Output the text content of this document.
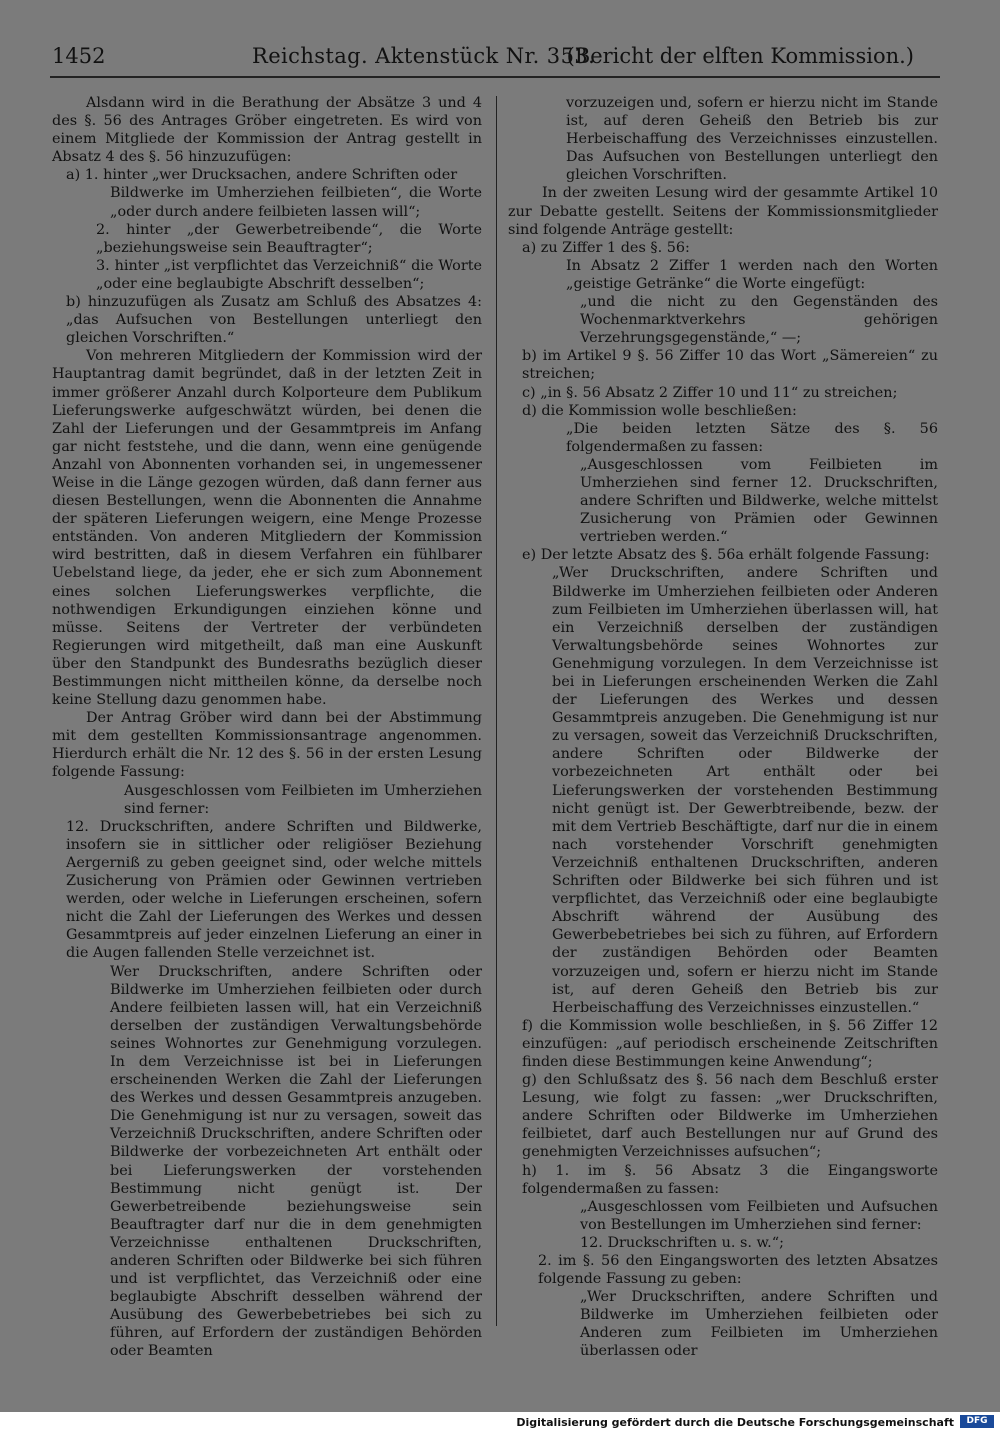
1452	Reichstag. Aktenstück Nr. 353.
(Bericht der elften Kommission.)

Alsdann wird in die Berathung der Absätze 3 und 4 des §. 56 des Antrages Gröber eingetreten. Es wird von einem Mitgliede der Kommission der Antrag gestellt in Absatz 4 des §. 56 hinzuzufügen:

a) 1. hinter „wer Drucksachen, andere Schriften oder

Bildwerke im Umherziehen feilbieten“, die Worte „oder durch andere feilbieten lassen will“;

2. hinter „der Gewerbetreibende“, die Worte „beziehungsweise sein Beauftragter“;

3. hinter „ist verpflichtet das Verzeichniß“ die Worte „oder eine beglaubigte Abschrift desselben“;

b) hinzuzufügen als Zusatz am Schluß des Absatzes 4: „das Aufsuchen von Bestellungen unterliegt den gleichen Vorschriften.“

Von mehreren Mitgliedern der Kommission wird der Hauptantrag damit begründet, daß in der letzten Zeit in immer größerer Anzahl durch Kolporteure dem Publikum Lieferungswerke aufgeschwätzt würden, bei denen die Zahl der Lieferungen und der Gesammtpreis im Anfang gar nicht feststehe, und die dann, wenn eine genügende Anzahl von Abonnenten vorhanden sei, in ungemessener Weise in die Länge gezogen würden, daß dann ferner aus diesen Bestellungen, wenn die Abonnenten die Annahme der späteren Lieferungen weigern, eine Menge Prozesse entständen. Von anderen Mitgliedern der Kommission wird bestritten, daß in diesem Verfahren ein fühlbarer Uebelstand liege, da jeder, ehe er sich zum Abonnement eines solchen Lieferungswerkes verpflichte, die nothwendigen Erkundigungen einziehen könne und müsse. Seitens der Vertreter der verbündeten Regierungen wird mitgetheilt, daß man eine Auskunft über den Standpunkt des Bundesraths bezüglich dieser Bestimmungen nicht mittheilen könne, da derselbe noch keine Stellung dazu genommen habe.

Der Antrag Gröber wird dann bei der Abstimmung mit dem gestellten Kommissionsantrage angenommen. Hierdurch erhält die Nr. 12 des §. 56 in der ersten Lesung folgende Fassung:

Ausgeschlossen vom Feilbieten im Umherziehen sind ferner:

12. Druckschriften, andere Schriften und Bildwerke, insofern sie in sittlicher oder religiöser Beziehung Aergerniß zu geben geeignet sind, oder welche mittels Zusicherung von Prämien oder Gewinnen vertrieben werden, oder welche in Lieferungen erscheinen, sofern nicht die Zahl der Lieferungen des Werkes und dessen Gesammtpreis auf jeder einzelnen Lieferung an einer in die Augen fallenden Stelle verzeichnet ist.

Wer Druckschriften, andere Schriften oder Bildwerke im Umherziehen feilbieten oder durch Andere feilbieten lassen will, hat ein Verzeichniß derselben der zuständigen Verwaltungsbehörde seines Wohnortes zur Genehmigung vorzulegen. In dem Verzeichnisse ist bei in Lieferungen erscheinenden Werken die Zahl der Lieferungen des Werkes und dessen Gesammtpreis anzugeben. Die Genehmigung ist nur zu versagen, soweit das Verzeichniß Druckschriften, andere Schriften oder Bildwerke der vorbezeichneten Art enthält oder bei Lieferungswerken der vorstehenden Bestimmung nicht genügt ist. Der Gewerbetreibende beziehungsweise sein Beauftragter darf nur die in dem genehmigten Verzeichnisse enthaltenen Druckschriften, anderen Schriften oder Bildwerke bei sich führen und ist verpflichtet, das Verzeichniß oder eine beglaubigte Abschrift desselben während der Ausübung des Gewerbebetriebes bei sich zu führen, auf Erfordern der zuständigen Behörden oder Beamten

vorzuzeigen und, sofern er hierzu nicht im Stande ist, auf deren Geheiß den Betrieb bis zur Herbeischaffung des Verzeichnisses einzustellen. Das Aufsuchen von Bestellungen unterliegt den gleichen Vorschriften.

In der zweiten Lesung wird der gesammte Artikel 10 zur Debatte gestellt. Seitens der Kommissionsmitglieder sind folgende Anträge gestellt:

a) zu Ziffer 1 des §. 56:

In Absatz 2 Ziffer 1 werden nach den Worten „geistige Getränke“ die Worte eingefügt:

„und die nicht zu den Gegenständen des Wochenmarktverkehrs gehörigen Verzehrungsgegenstände,“ —;

b) im Artikel 9 §. 56 Ziffer 10 das Wort „Sämereien“ zu streichen;

c) „in §. 56 Absatz 2 Ziffer 10 und 11“ zu streichen;

d) die Kommission wolle beschließen:

„Die beiden letzten Sätze des §. 56 folgendermaßen zu fassen:

„Ausgeschlossen vom Feilbieten im Umherziehen sind ferner 12. Druckschriften, andere Schriften und Bildwerke, welche mittelst Zusicherung von Prämien oder Gewinnen vertrieben werden.“

e) Der letzte Absatz des §. 56a erhält folgende Fassung:

„Wer Druckschriften, andere Schriften und Bildwerke im Umherziehen feilbieten oder Anderen zum Feilbieten im Umherziehen überlassen will, hat ein Verzeichniß derselben der zuständigen Verwaltungsbehörde seines Wohnortes zur Genehmigung vorzulegen. In dem Verzeichnisse ist bei in Lieferungen erscheinenden Werken die Zahl der Lieferungen des Werkes und dessen Gesammtpreis anzugeben. Die Genehmigung ist nur zu versagen, soweit das Verzeichniß Druckschriften, andere Schriften oder Bildwerke der vorbezeichneten Art enthält oder bei Lieferungswerken der vorstehenden Bestimmung nicht genügt ist. Der Gewerbtreibende, bezw. der mit dem Vertrieb Beschäftigte, darf nur die in einem nach vorstehender Vorschrift genehmigten Verzeichniß enthaltenen Druckschriften, anderen Schriften oder Bildwerke bei sich führen und ist verpflichtet, das Verzeichniß oder eine beglaubigte Abschrift während der Ausübung des Gewerbebetriebes bei sich zu führen, auf Erfordern der zuständigen Behörden oder Beamten vorzuzeigen und, sofern er hierzu nicht im Stande ist, auf deren Geheiß den Betrieb bis zur Herbeischaffung des Verzeichnisses einzustellen.“

f) die Kommission wolle beschließen, in §. 56 Ziffer 12 einzufügen: „auf periodisch erscheinende Zeitschriften finden diese Bestimmungen keine Anwendung“;

g) den Schlußsatz des §. 56 nach dem Beschluß erster Lesung, wie folgt zu fassen: „wer Druckschriften, andere Schriften oder Bildwerke im Umherziehen feilbietet, darf auch Bestellungen nur auf Grund des genehmigten Verzeichnisses aufsuchen“;

h) 1. im §. 56 Absatz 3 die Eingangsworte folgendermaßen zu fassen:

„Ausgeschlossen vom Feilbieten und Aufsuchen von Bestellungen im Umherziehen sind ferner:

12. Druckschriften u. s. w.“;

2. im §. 56 den Eingangsworten des letzten Absatzes folgende Fassung zu geben:

„Wer Druckschriften, andere Schriften und Bildwerke im Umherziehen feilbieten oder Anderen zum Feilbieten im Umherziehen überlassen oder

Digitalisierung gefördert durch die Deutsche Forschungsgemeinschaft	DFG
